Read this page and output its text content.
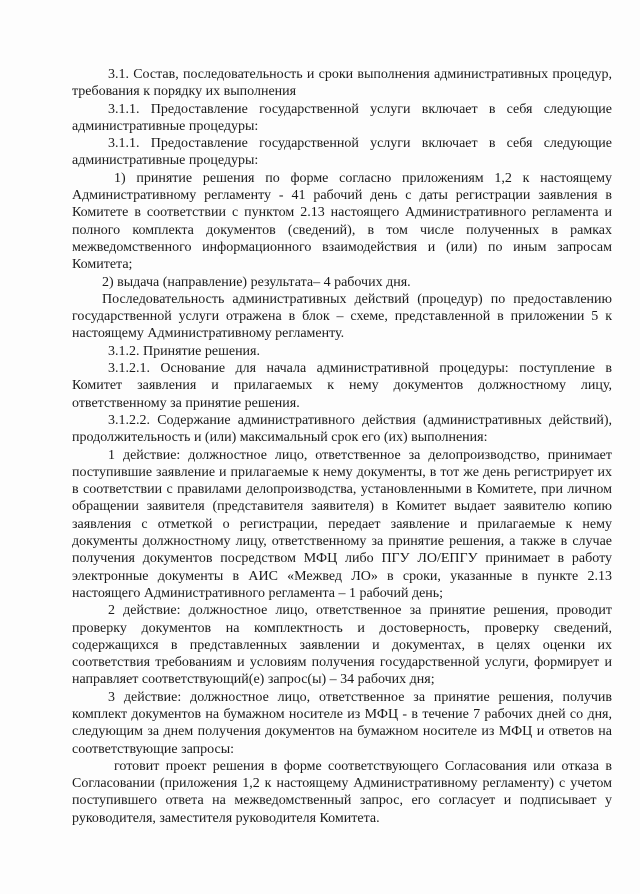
3.1. Состав, последовательность и сроки выполнения административных процедур, требования к порядку их выполнения

3.1.1. Предоставление государственной услуги включает в себя следующие административные процедуры:

3.1.1. Предоставление государственной услуги включает в себя следующие административные процедуры:

1) принятие решения по форме согласно приложениям 1,2 к настоящему Административному регламенту - 41 рабочий день с даты регистрации заявления в Комитете в соответствии с пунктом 2.13 настоящего Административного регламента и полного комплекта документов (сведений), в том числе полученных в рамках межведомственного информационного взаимодействия и (или) по иным запросам Комитета;

2) выдача (направление) результата– 4 рабочих дня.

Последовательность административных действий (процедур) по предоставлению государственной услуги отражена в блок – схеме, представленной в приложении 5 к настоящему Административному регламенту.

3.1.2. Принятие решения.

3.1.2.1. Основание для начала административной процедуры: поступление в Комитет заявления и прилагаемых к нему документов должностному лицу, ответственному за принятие решения.

3.1.2.2. Содержание административного действия (административных действий), продолжительность и (или) максимальный срок его (их) выполнения:

1 действие: должностное лицо, ответственное за делопроизводство, принимает поступившие заявление и прилагаемые к нему документы, в тот же день регистрирует их в соответствии с правилами делопроизводства, установленными в Комитете, при личном обращении заявителя (представителя заявителя) в Комитет выдает заявителю копию заявления с отметкой о регистрации, передает заявление и прилагаемые к нему документы должностному лицу, ответственному за принятие решения, а также в случае получения документов посредством МФЦ либо ПГУ ЛО/ЕПГУ принимает в работу электронные документы в АИС «Межвед ЛО» в сроки, указанные в пункте 2.13 настоящего Административного регламента – 1 рабочий день;

2 действие: должностное лицо, ответственное за принятие решения, проводит проверку документов на комплектность и достоверность, проверку сведений, содержащихся в представленных заявлении и документах, в целях оценки их соответствия требованиям и условиям получения государственной услуги, формирует и направляет соответствующий(е) запрос(ы) – 34 рабочих дня;

3 действие: должностное лицо, ответственное за принятие решения, получив комплект документов на бумажном носителе из МФЦ - в течение 7 рабочих дней со дня, следующим за днем получения документов на бумажном носителе из МФЦ и ответов на соответствующие запросы:

готовит проект решения в форме соответствующего Согласования или отказа в Согласовании (приложения 1,2 к настоящему Административному регламенту) с учетом поступившего ответа на межведомственный запрос, его согласует и подписывает у руководителя, заместителя руководителя Комитета.
